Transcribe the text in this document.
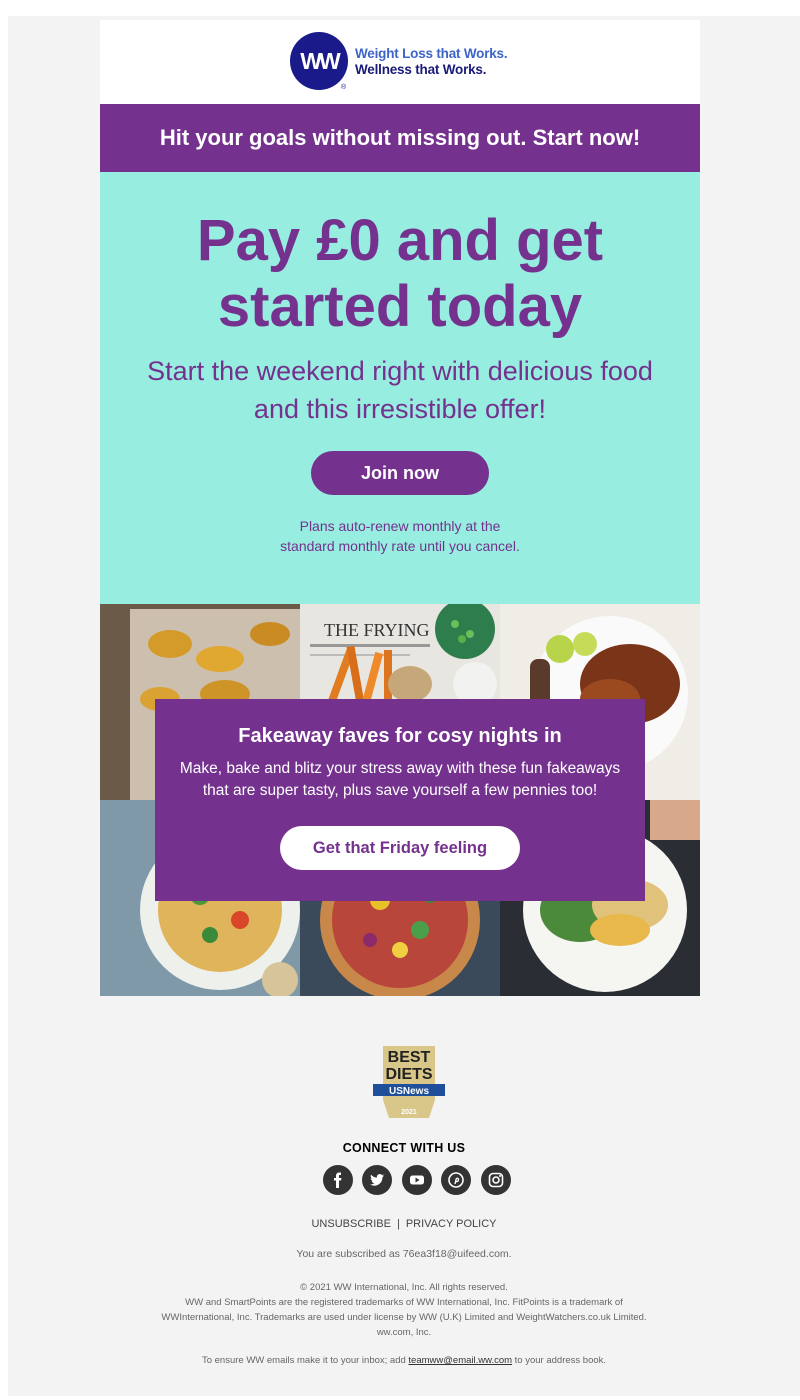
WW
®
Weight Loss that Works.
Wellness that Works.
Hit your goals without missing out. Start now!
Pay £0 and get started today
Start the weekend right with delicious food and this irresistible offer!
Join now
Plans auto-renew monthly at the
standard monthly rate until you cancel.
THE FRYING
Fakeaway faves for cosy nights in

Make, bake and blitz your stress away with these fun fakeaways that are super tasty, plus save yourself a few pennies too!

Get that Friday feeling
BEST
DIETS
USNews
2021
CONNECT WITH US

UNSUBSCRIBE | PRIVACY POLICY
You are subscribed as 76ea3f18@uifeed.com.
© 2021 WW International, Inc. All rights reserved.
WW and SmartPoints are the registered trademarks of WW International, Inc. FitPoints is a trademark of
WWInternational, Inc. Trademarks are used under license by WW (U.K) Limited and WeightWatchers.co.uk Limited.
ww.com, Inc.
To ensure WW emails make it to your inbox; add teamww@email.ww.com to your address book.
